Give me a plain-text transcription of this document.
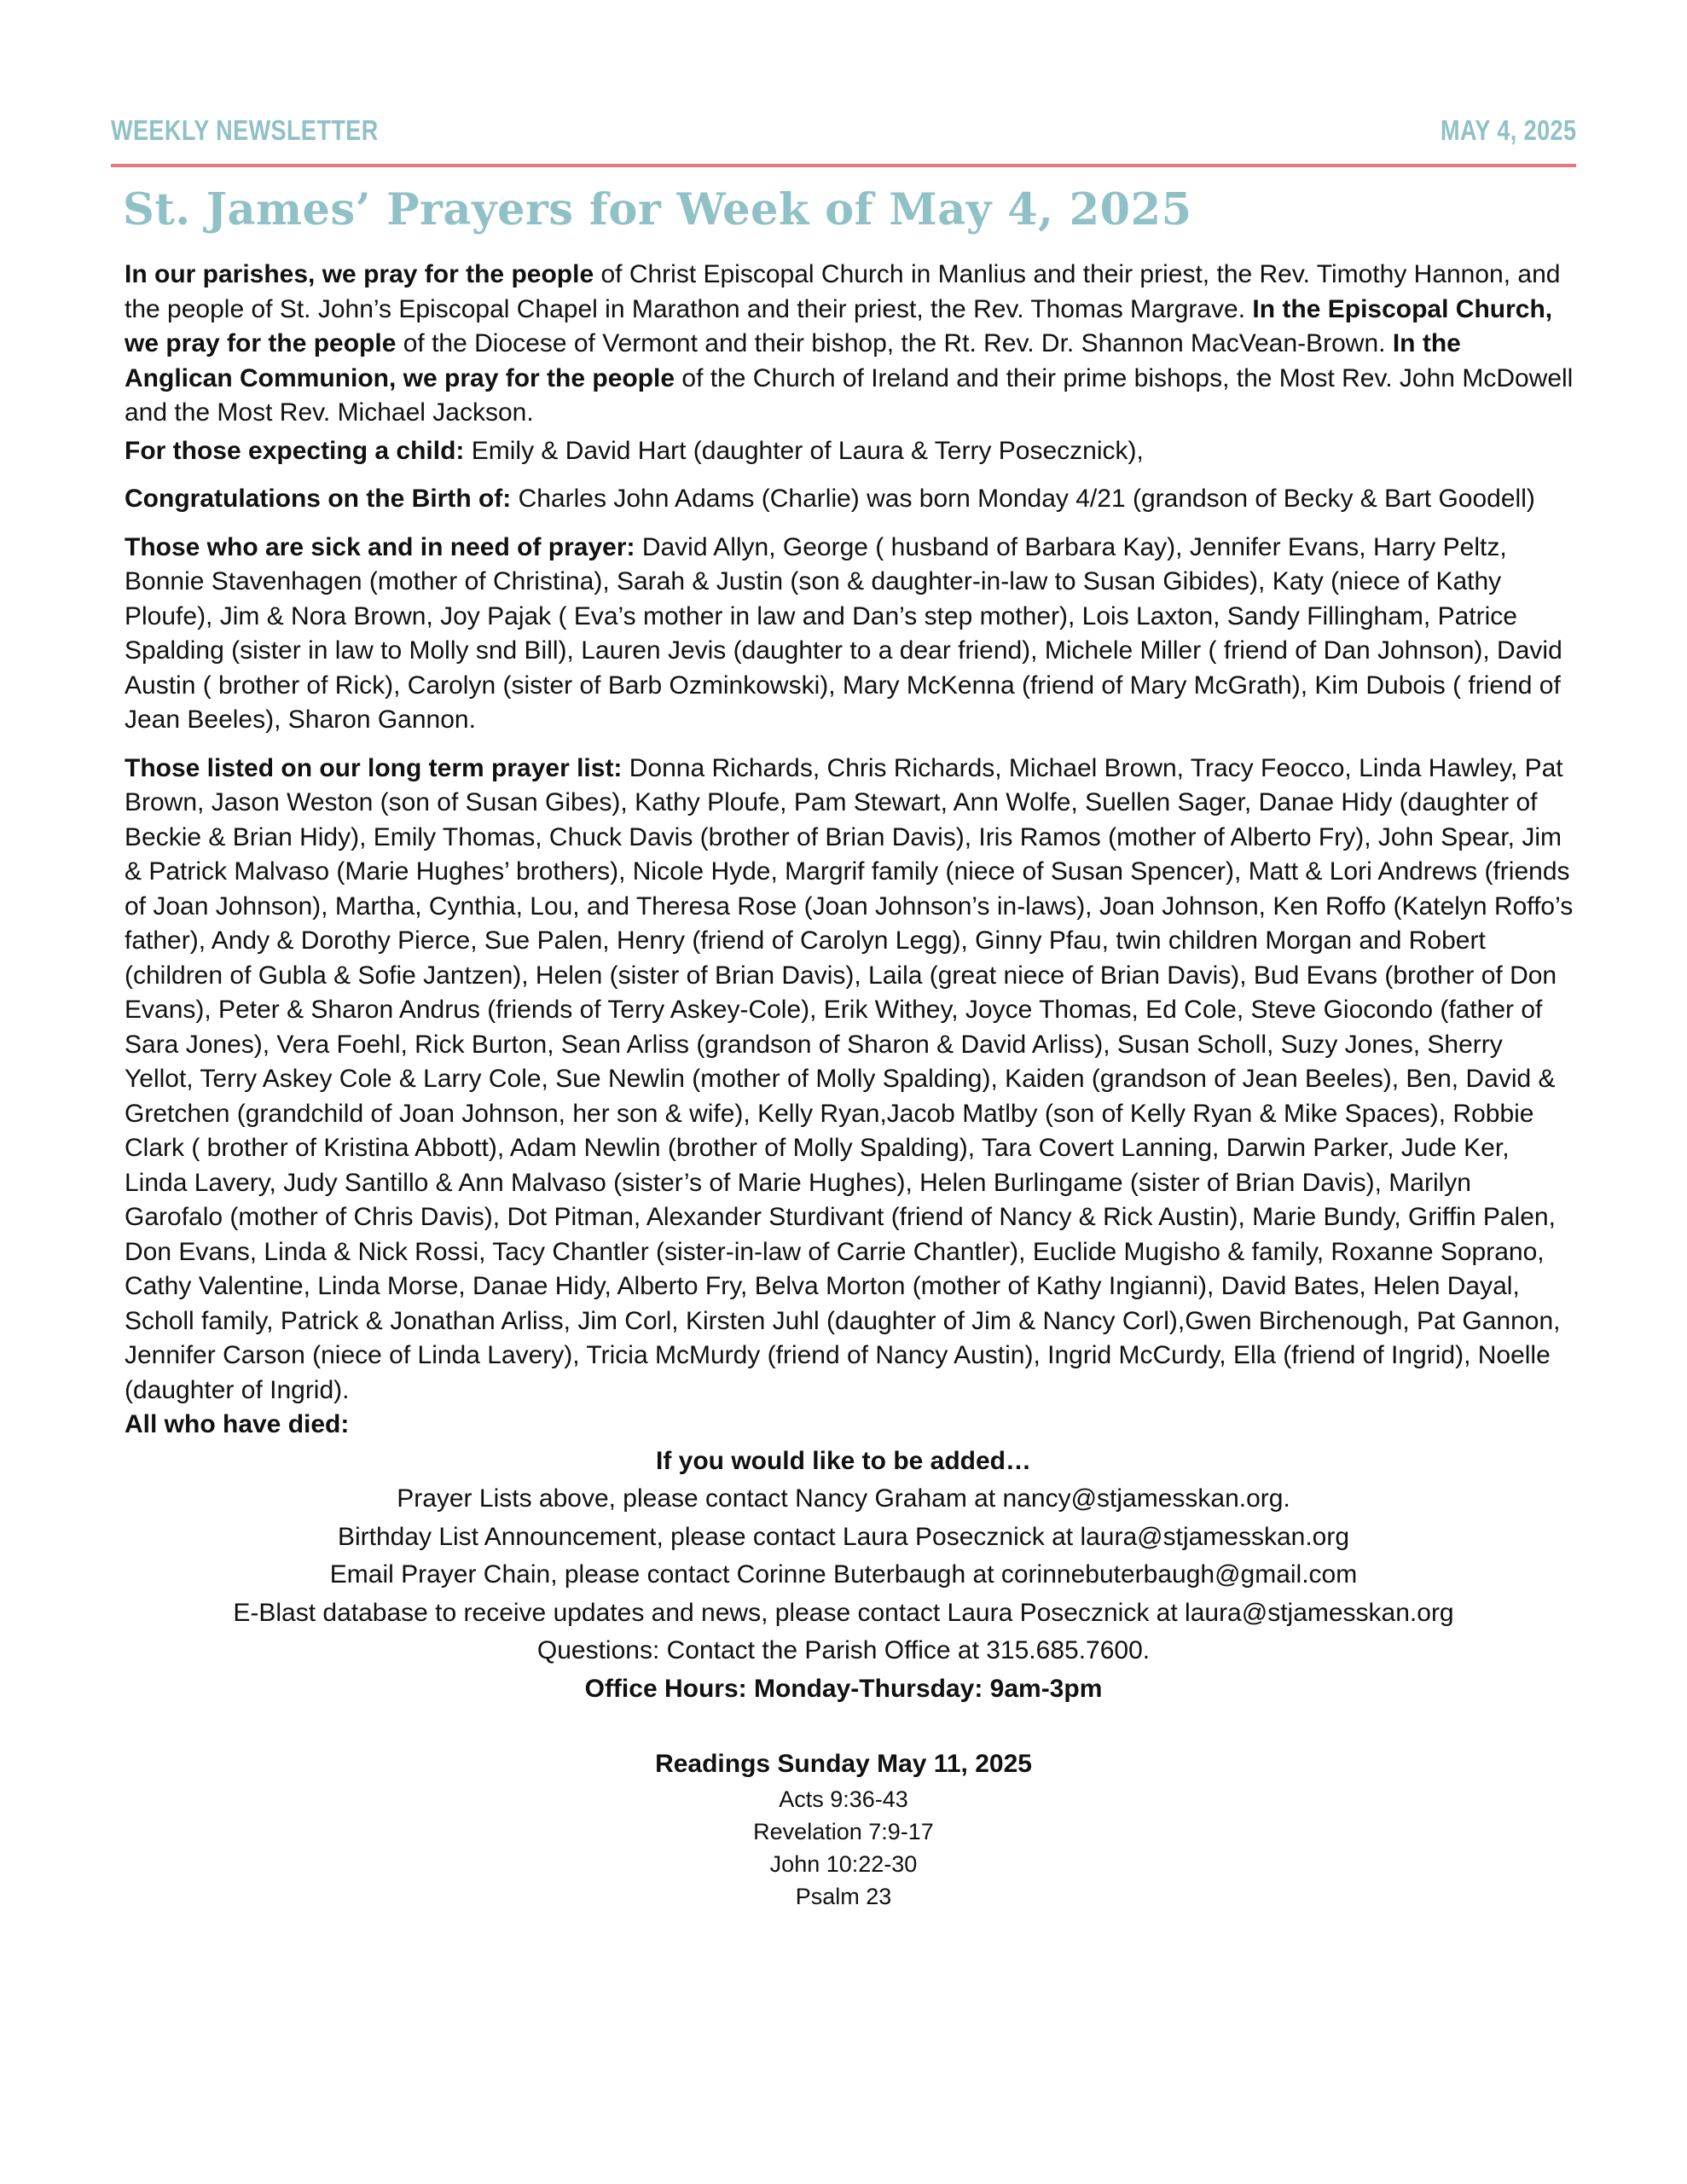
WEEKLY NEWSLETTER	MAY 4, 2025
St. James’ Prayers for Week of May 4, 2025

In our parishes, we pray for the people of Christ Episcopal Church in Manlius and their priest, the Rev. Timothy Hannon, and the people of St. John’s Episcopal Chapel in Marathon and their priest, the Rev. Thomas Margrave. In the Episcopal Church, we pray for the people of the Diocese of Vermont and their bishop, the Rt. Rev. Dr. Shannon MacVean-Brown. In the Anglican Communion, we pray for the people of the Church of Ireland and their prime bishops, the Most Rev. John McDowell and the Most Rev. Michael Jackson.

For those expecting a child: Emily & David Hart (daughter of Laura & Terry Posecznick),

Congratulations on the Birth of: Charles John Adams (Charlie) was born Monday 4/21 (grandson of Becky & Bart Goodell)

Those who are sick and in need of prayer: David Allyn, George ( husband of Barbara Kay), Jennifer Evans, Harry Peltz, Bonnie Stavenhagen (mother of Christina), Sarah & Justin (son & daughter-in-law to Susan Gibides), Katy (niece of Kathy Ploufe), Jim & Nora Brown, Joy Pajak ( Eva’s mother in law and Dan’s step mother), Lois Laxton, Sandy Fillingham, Patrice Spalding (sister in law to Molly snd Bill), Lauren Jevis (daughter to a dear friend), Michele Miller ( friend of Dan Johnson), David Austin ( brother of Rick), Carolyn (sister of Barb Ozminkowski), Mary McKenna (friend of Mary McGrath), Kim Dubois ( friend of Jean Beeles), Sharon Gannon.

Those listed on our long term prayer list: Donna Richards, Chris Richards, Michael Brown, Tracy Feocco, Linda Hawley, Pat Brown, Jason Weston (son of Susan Gibes), Kathy Ploufe, Pam Stewart, Ann Wolfe, Suellen Sager, Danae Hidy (daughter of Beckie & Brian Hidy), Emily Thomas, Chuck Davis (brother of Brian Davis), Iris Ramos (mother of Alberto Fry), John Spear, Jim & Patrick Malvaso (Marie Hughes’ brothers), Nicole Hyde, Margrif family (niece of Susan Spencer), Matt & Lori Andrews (friends of Joan Johnson), Martha, Cynthia, Lou, and Theresa Rose (Joan Johnson’s in-laws), Joan Johnson, Ken Roffo (Katelyn Roffo’s father), Andy & Dorothy Pierce, Sue Palen, Henry (friend of Carolyn Legg), Ginny Pfau, twin children Morgan and Robert (children of Gubla & Sofie Jantzen), Helen (sister of Brian Davis), Laila (great niece of Brian Davis), Bud Evans (brother of Don Evans), Peter & Sharon Andrus (friends of Terry Askey-Cole), Erik Withey, Joyce Thomas, Ed Cole, Steve Giocondo (father of Sara Jones), Vera Foehl, Rick Burton, Sean Arliss (grandson of Sharon & David Arliss), Susan Scholl, Suzy Jones, Sherry Yellot, Terry Askey Cole & Larry Cole, Sue Newlin (mother of Molly Spalding), Kaiden (grandson of Jean Beeles), Ben, David & Gretchen (grandchild of Joan Johnson, her son & wife), Kelly Ryan,Jacob Matlby (son of Kelly Ryan & Mike Spaces), Robbie Clark ( brother of Kristina Abbott), Adam Newlin (brother of Molly Spalding), Tara Covert Lanning, Darwin Parker, Jude Ker, Linda Lavery, Judy Santillo & Ann Malvaso (sister’s of Marie Hughes), Helen Burlingame (sister of Brian Davis), Marilyn Garofalo (mother of Chris Davis), Dot Pitman, Alexander Sturdivant (friend of Nancy & Rick Austin), Marie Bundy, Griffin Palen, Don Evans, Linda & Nick Rossi, Tacy Chantler (sister-in-law of Carrie Chantler), Euclide Mugisho & family, Roxanne Soprano, Cathy Valentine, Linda Morse, Danae Hidy, Alberto Fry, Belva Morton (mother of Kathy Ingianni), David Bates, Helen Dayal, Scholl family, Patrick & Jonathan Arliss, Jim Corl, Kirsten Juhl (daughter of Jim & Nancy Corl),Gwen Birchenough, Pat Gannon, Jennifer Carson (niece of Linda Lavery), Tricia McMurdy (friend of Nancy Austin), Ingrid McCurdy, Ella (friend of Ingrid), Noelle (daughter of Ingrid).

All who have died:

If you would like to be added…
Prayer Lists above, please contact Nancy Graham at nancy@stjamesskan.org.
Birthday List Announcement, please contact Laura Posecznick at laura@stjamesskan.org
Email Prayer Chain, please contact Corinne Buterbaugh at corinnebuterbaugh@gmail.com
E-Blast database to receive updates and news, please contact Laura Posecznick at laura@stjamesskan.org
Questions: Contact the Parish Office at 315.685.7600.
Office Hours: Monday-Thursday: 9am-3pm
Readings Sunday May 11, 2025
Acts 9:36-43
Revelation 7:9-17
John 10:22-30
Psalm 23
